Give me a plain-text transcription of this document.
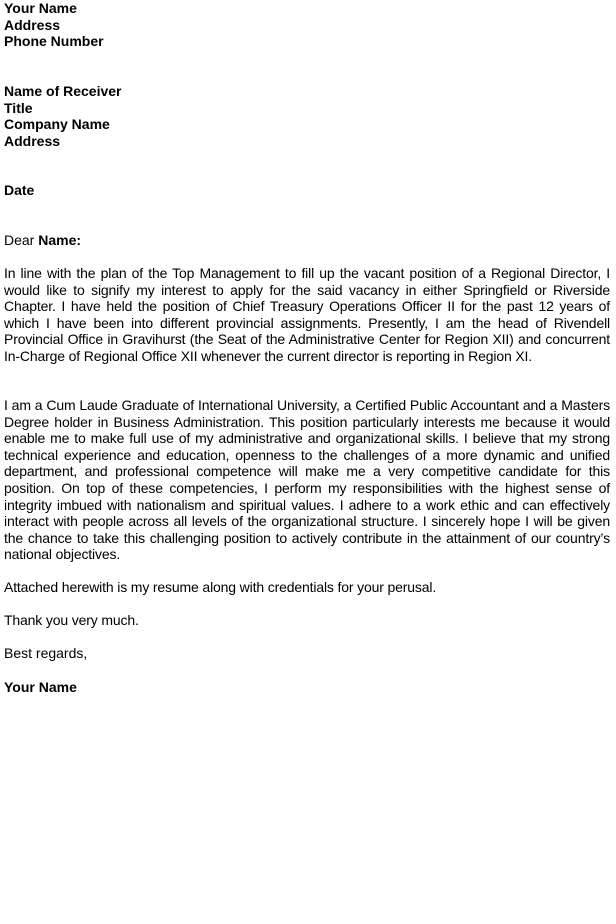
Your Name
Address
Phone Number
Name of Receiver
Title
Company Name
Address
Date
Dear Name:

In line with the plan of the Top Management to fill up the vacant position of a Regional Director, I would like to signify my interest to apply for the said vacancy in either Springfield or Riverside Chapter. I have held the position of Chief Treasury Operations Officer II for the past 12 years of which I have been into different provincial assignments. Presently, I am the head of Rivendell Provincial Office in Gravihurst (the Seat of the Administrative Center for Region XII) and concurrent In-Charge of Regional Office XII whenever the current director is reporting in Region XI.

I am a Cum Laude Graduate of International University, a Certified Public Accountant and a Masters Degree holder in Business Administration. This position particularly interests me because it would enable me to make full use of my administrative and organizational skills. I believe that my strong technical experience and education, openness to the challenges of a more dynamic and unified department, and professional competence will make me a very competitive candidate for this position. On top of these competencies, I perform my responsibilities with the highest sense of integrity imbued with nationalism and spiritual values. I adhere to a work ethic and can effectively interact with people across all levels of the organizational structure. I sincerely hope I will be given the chance to take this challenging position to actively contribute in the attainment of our country’s national objectives.

Attached herewith is my resume along with credentials for your perusal.

Thank you very much.

Best regards,
Your Name
